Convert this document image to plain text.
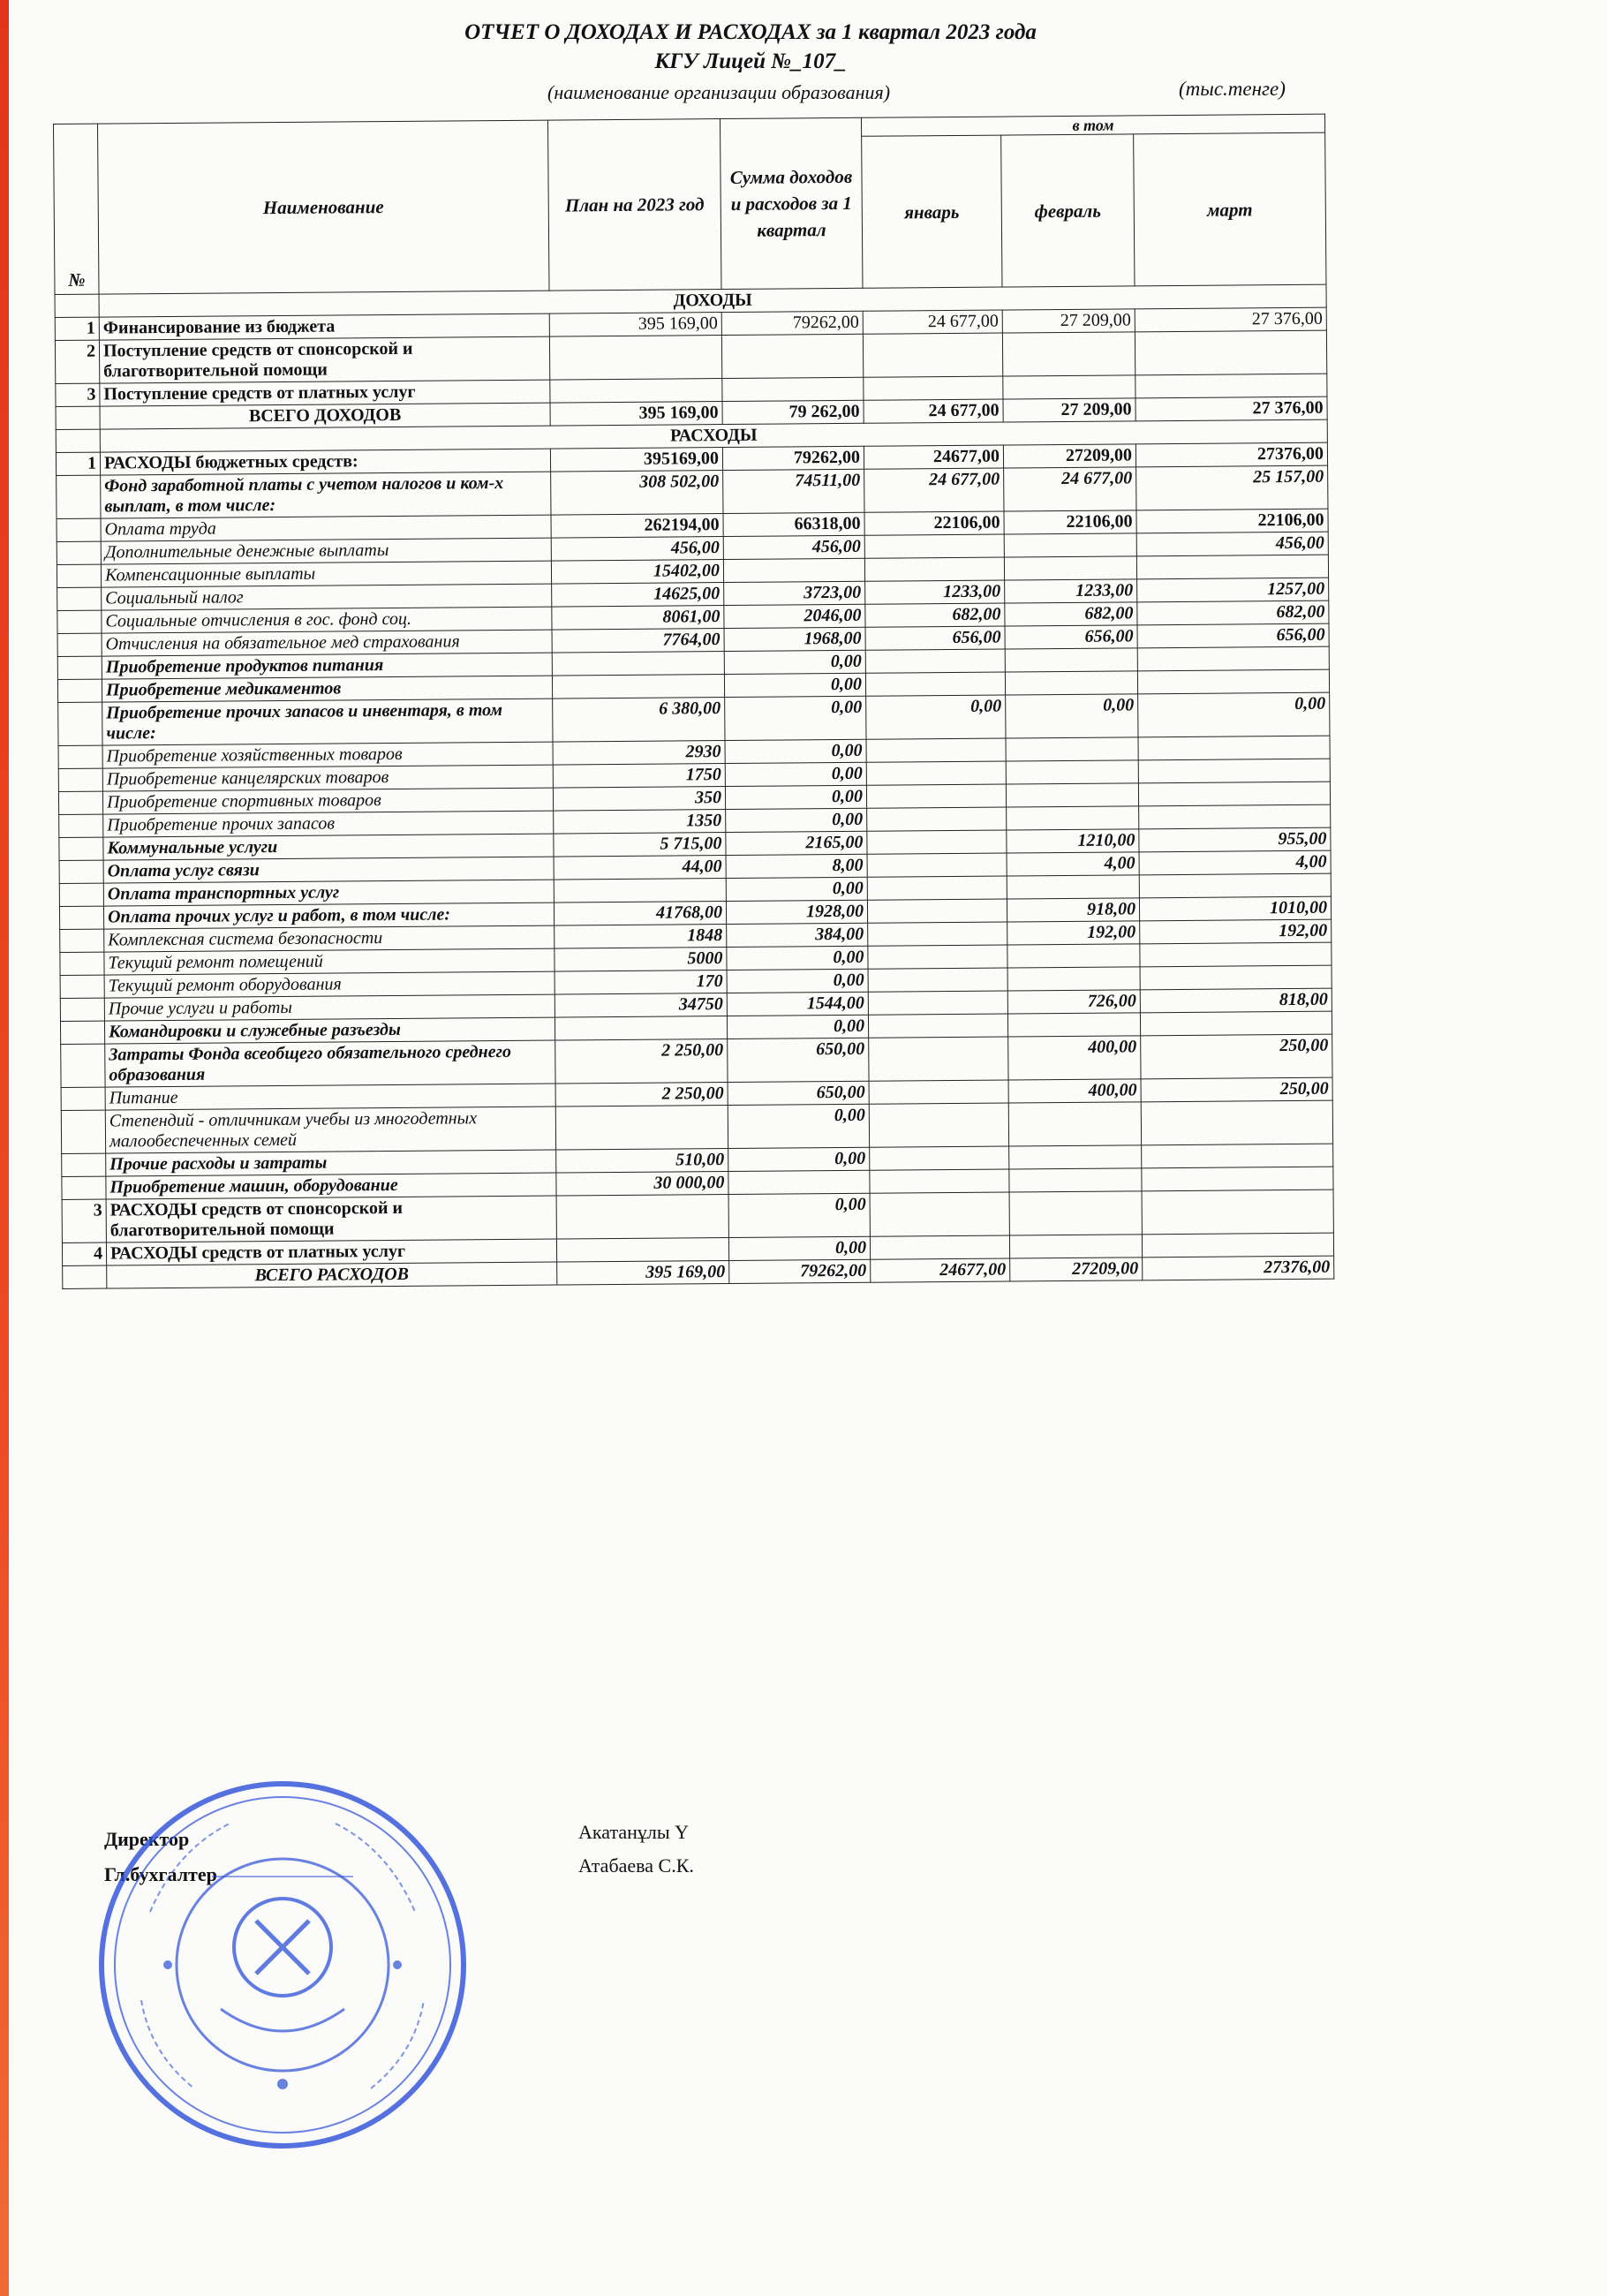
ОТЧЕТ О ДОХОДАХ И РАСХОДАХ за 1 квартал 2023 года
КГУ Лицей №_107_
(наименование организации образования)	(тыс.тенге)
№	Наименование	План на 2023 год	Сумма доходов и расходов за 1 квартал	в том		
				январь	февраль	март
	ДОХОДЫ					
1	Финансирование из бюджета	395 169,00	79262,00	24 677,00	27 209,00	27 376,00
2	Поступление средств от спонсорской и благотворительной помощи					
3	Поступление средств от платных услуг					
	ВСЕГО ДОХОДОВ	395 169,00	79 262,00	24 677,00	27 209,00	27 376,00
	РАСХОДЫ					
1	РАСХОДЫ бюджетных средств:	395169,00	79262,00	24677,00	27209,00	27376,00
	Фонд заработной платы с учетом налогов и ком-х выплат, в том числе:	308 502,00	74511,00	24 677,00	24 677,00	25 157,00
	Оплата труда	262194,00	66318,00	22106,00	22106,00	22106,00
	Дополнительные денежные выплаты	456,00	456,00			456,00
	Компенсационные выплаты	15402,00				
	Социальный налог	14625,00	3723,00	1233,00	1233,00	1257,00
	Социальные отчисления в гос. фонд соц.	8061,00	2046,00	682,00	682,00	682,00
	Отчисления на обязательное мед страхования	7764,00	1968,00	656,00	656,00	656,00
	Приобретение продуктов питания		0,00			
	Приобретение медикаментов		0,00			
	Приобретение прочих запасов и инвентаря, в том числе:	6 380,00	0,00	0,00	0,00	0,00
	Приобретение хозяйственных товаров	2930	0,00			
	Приобретение канцелярских товаров	1750	0,00			
	Приобретение спортивных товаров	350	0,00			
	Приобретение прочих запасов	1350	0,00			
	Коммунальные услуги	5 715,00	2165,00		1210,00	955,00
	Оплата услуг связи	44,00	8,00		4,00	4,00
	Оплата транспортных услуг		0,00			
	Оплата прочих услуг и работ, в том числе:	41768,00	1928,00		918,00	1010,00
	Комплексная система безопасности	1848	384,00		192,00	192,00
	Текущий ремонт помещений	5000	0,00			
	Текущий ремонт оборудования	170	0,00			
	Прочие услуги и работы	34750	1544,00		726,00	818,00
	Командировки и служебные разъезды		0,00			
	Затраты Фонда всеобщего обязательного среднего образования	2 250,00	650,00		400,00	250,00
	Питание	2 250,00	650,00		400,00	250,00
	Степендий - отличникам учебы из многодетных малообеспеченных семей		0,00			
	Прочие расходы и затраты	510,00	0,00			
	Приобретение машин, оборудование	30 000,00				
3	РАСХОДЫ средств от спонсорской и благотворительной помощи		0,00			
4	РАСХОДЫ средств от платных услуг		0,00			
	ВСЕГО РАСХОДОВ	395 169,00	79262,00	24677,00	27209,00	27376,00
Директор	Акатанұлы Ү
Гл.бухгалтер	Атабаева С.К.
